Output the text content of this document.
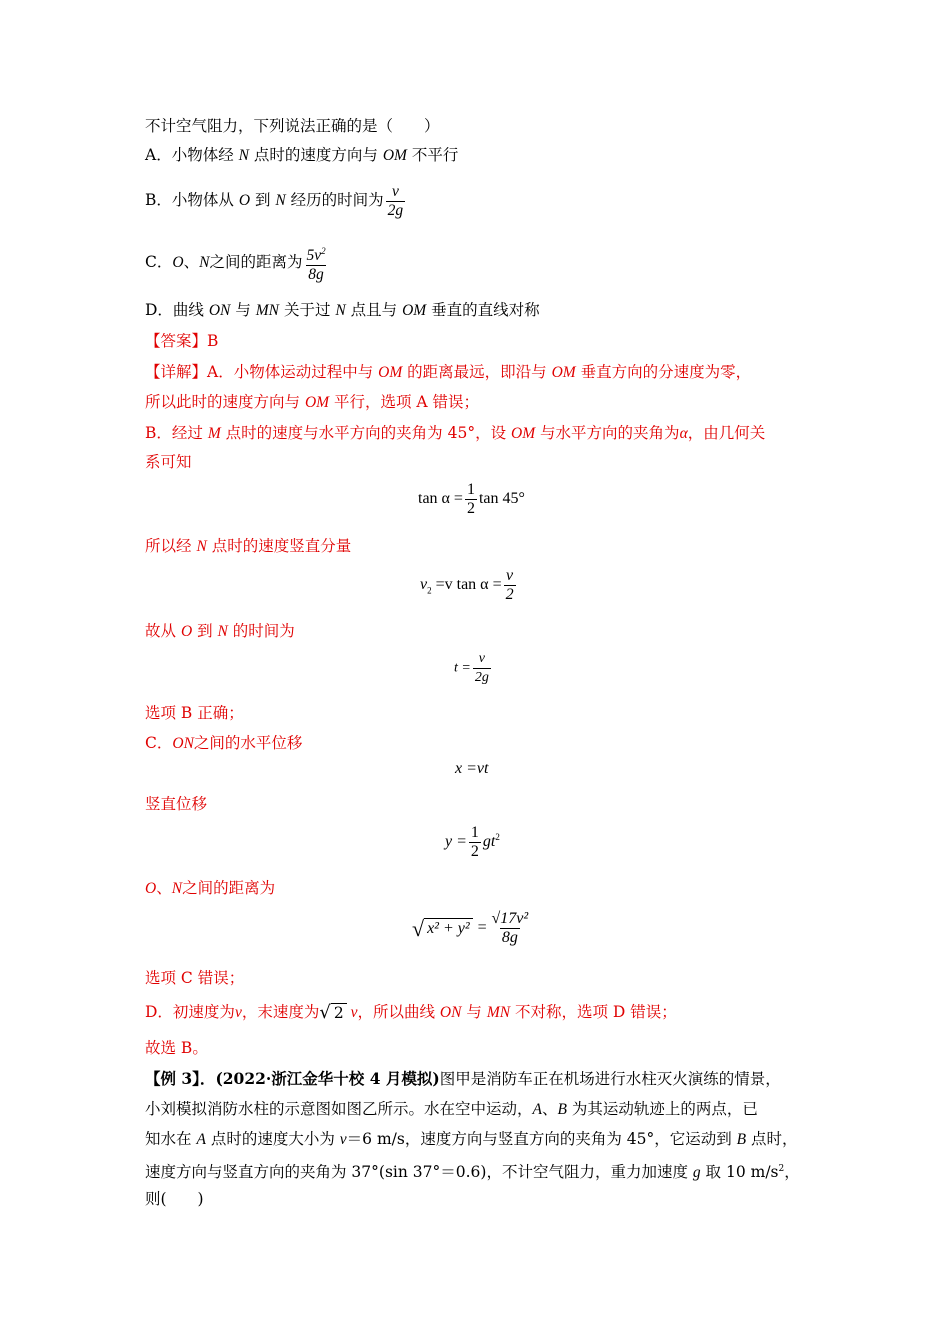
不计空气阻力，下列说法正确的是（　　）
A．小物体经 N 点时的速度方向与 OM 不平行
B．小物体从 O 到 N 经历的时间为 $\frac{v}{2g}$
C．O、N之间的距离为 $\frac{5v^2}{8g}$
D．曲线 ON 与 MN 关于过 N 点且与 OM 垂直的直线对称
【答案】B
【详解】A．小物体运动过程中与 OM 的距离最远，即沿与 OM 垂直方向的分速度为零，
所以此时的速度方向与 OM 平行，选项 A 错误；
B．经过 M 点时的速度与水平方向的夹角为 45°，设 OM 与水平方向的夹角为α，由几何关
系可知
$\tan \alpha = \frac{1}{2}$ tan 45°
所以经 N 点时的速度竖直分量
$v_2 =v$ $\tan \alpha = \frac{v}{2}$
故从 O 到 N 的时间为
$t = \frac{v}{2g}$
选项 B 正确；
C．ON之间的水平位移
x =vt
竖直位移
$y = \frac{1}{2} gt^2$
O、N之间的距离为
√ $x^2 + y^2 = \frac{\text{√17v²}}{8g}$
选项 C 错误；
D．初速度为v，末速度为 √ 2 v，所以曲线 ON 与 MN 不对称，选项 D 错误；
故选 B。
【例 3】．(2022·浙江金华十校 4 月模拟)图甲是消防车正在机场进行水柱灭火演练的情景，
小刘模拟消防水柱的示意图如图乙所示。水在空中运动，A、B 为其运动轨迹上的两点，已
知水在 A 点时的速度大小为 v＝6 m/s，速度方向与竖直方向的夹角为 45°，它运动到 B 点时，
速度方向与竖直方向的夹角为 37°(sin 37°＝0.6)，不计空气阻力，重力加速度 g 取 10 $m/s^2$，
则(　　)
